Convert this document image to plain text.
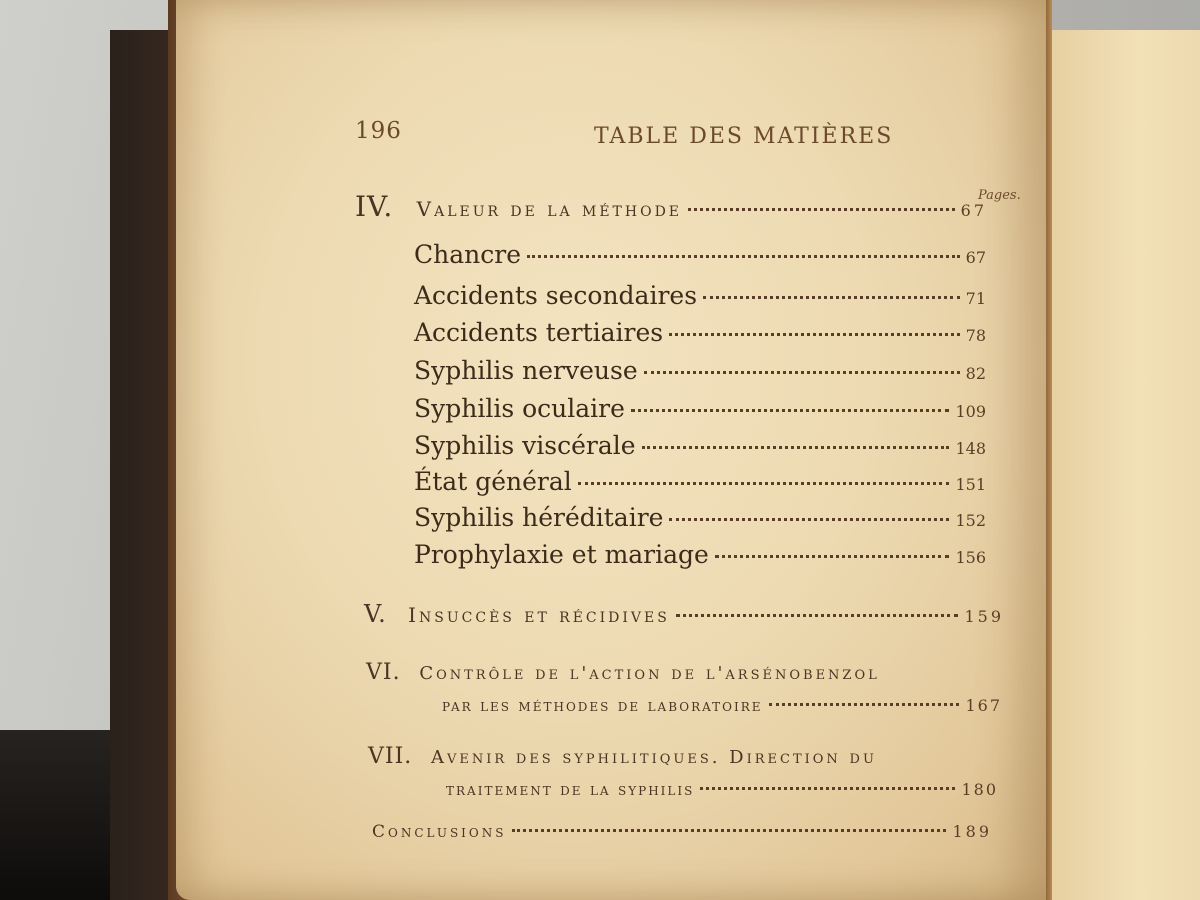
196	TABLE DES MATIÈRES
Pages.
IV. Valeur de la méthode	67
Chancre	67
Accidents secondaires	71
Accidents tertiaires	78
Syphilis nerveuse	82
Syphilis oculaire	109
Syphilis viscérale	148
État général	151
Syphilis héréditaire	152
Prophylaxie et mariage	156
V. Insuccès et récidives	159
VI. Contrôle de l'action de l'arsénobenzol
par les méthodes de laboratoire	167
VII. Avenir des syphilitiques. Direction du
traitement de la syphilis	180
Conclusions	189
